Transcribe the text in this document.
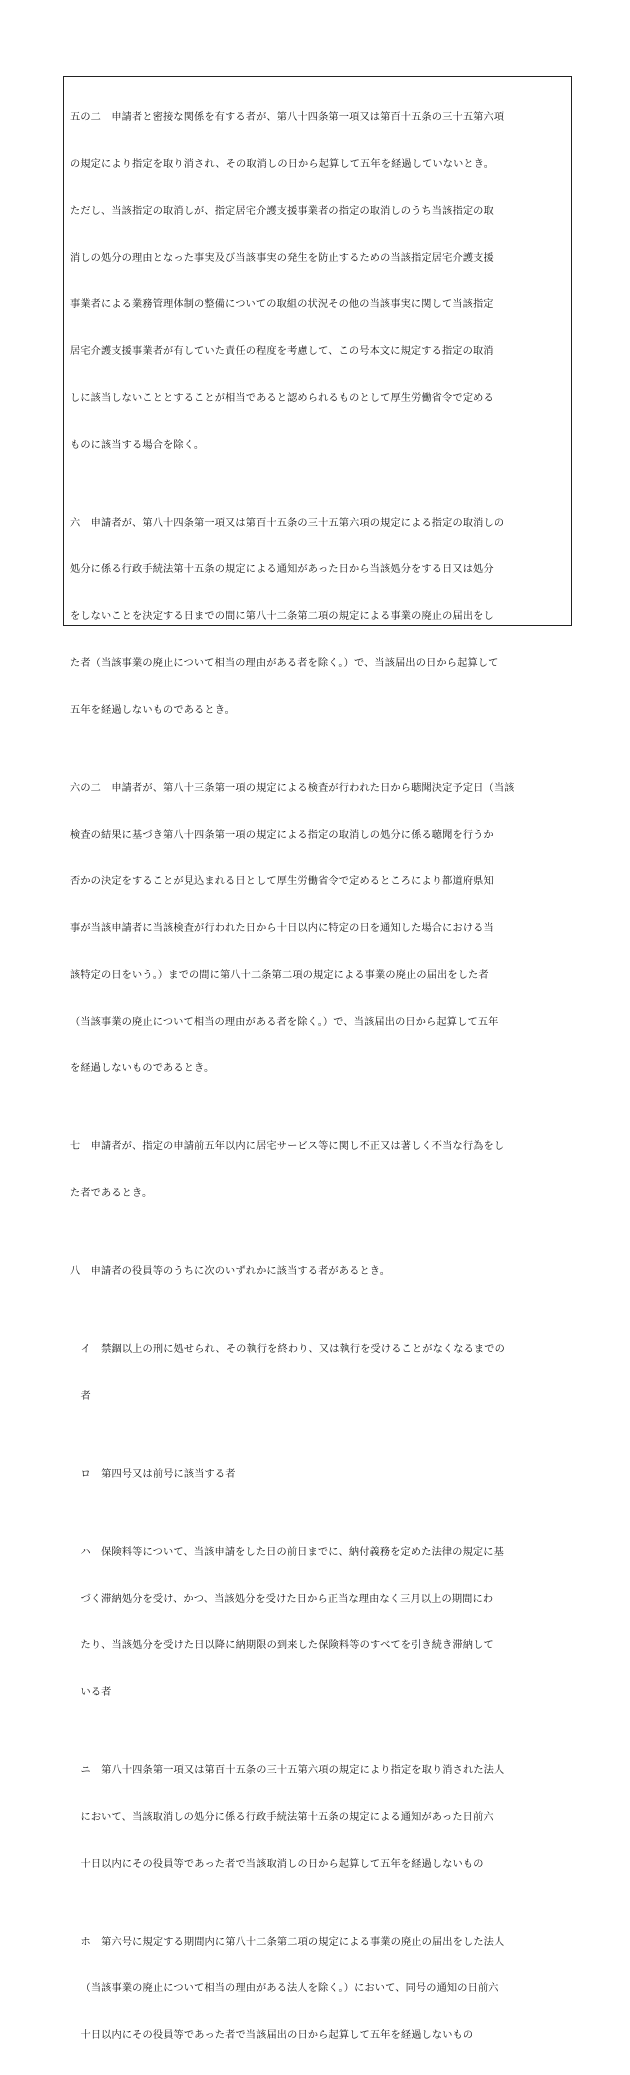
五の二　申請者と密接な関係を有する者が、第八十四条第一項又は第百十五条の三十五第六項

の規定により指定を取り消され、その取消しの日から起算して五年を経過していないとき。

ただし、当該指定の取消しが、指定居宅介護支援事業者の指定の取消しのうち当該指定の取

消しの処分の理由となった事実及び当該事実の発生を防止するための当該指定居宅介護支援

事業者による業務管理体制の整備についての取組の状況その他の当該事実に関して当該指定

居宅介護支援事業者が有していた責任の程度を考慮して、この号本文に規定する指定の取消

しに該当しないこととすることが相当であると認められるものとして厚生労働省令で定める

ものに該当する場合を除く。

六　申請者が、第八十四条第一項又は第百十五条の三十五第六項の規定による指定の取消しの

処分に係る行政手続法第十五条の規定による通知があった日から当該処分をする日又は処分

をしないことを決定する日までの間に第八十二条第二項の規定による事業の廃止の届出をし

た者（当該事業の廃止について相当の理由がある者を除く。）で、当該届出の日から起算して

五年を経過しないものであるとき。

六の二　申請者が、第八十三条第一項の規定による検査が行われた日から聴聞決定予定日（当該

検査の結果に基づき第八十四条第一項の規定による指定の取消しの処分に係る聴聞を行うか

否かの決定をすることが見込まれる日として厚生労働省令で定めるところにより都道府県知

事が当該申請者に当該検査が行われた日から十日以内に特定の日を通知した場合における当

該特定の日をいう。）までの間に第八十二条第二項の規定による事業の廃止の届出をした者

（当該事業の廃止について相当の理由がある者を除く。）で、当該届出の日から起算して五年

を経過しないものであるとき。

七　申請者が、指定の申請前五年以内に居宅サービス等に関し不正又は著しく不当な行為をし

た者であるとき。

八　申請者の役員等のうちに次のいずれかに該当する者があるとき。

イ　禁錮以上の刑に処せられ、その執行を終わり、又は執行を受けることがなくなるまでの

者

ロ　第四号又は前号に該当する者

ハ　保険料等について、当該申請をした日の前日までに、納付義務を定めた法律の規定に基

づく滞納処分を受け、かつ、当該処分を受けた日から正当な理由なく三月以上の期間にわ

たり、当該処分を受けた日以降に納期限の到来した保険料等のすべてを引き続き滞納して

いる者

ニ　第八十四条第一項又は第百十五条の三十五第六項の規定により指定を取り消された法人

において、当該取消しの処分に係る行政手続法第十五条の規定による通知があった日前六

十日以内にその役員等であった者で当該取消しの日から起算して五年を経過しないもの

ホ　第六号に規定する期間内に第八十二条第二項の規定による事業の廃止の届出をした法人

（当該事業の廃止について相当の理由がある法人を除く。）において、同号の通知の日前六

十日以内にその役員等であった者で当該届出の日から起算して五年を経過しないもの
